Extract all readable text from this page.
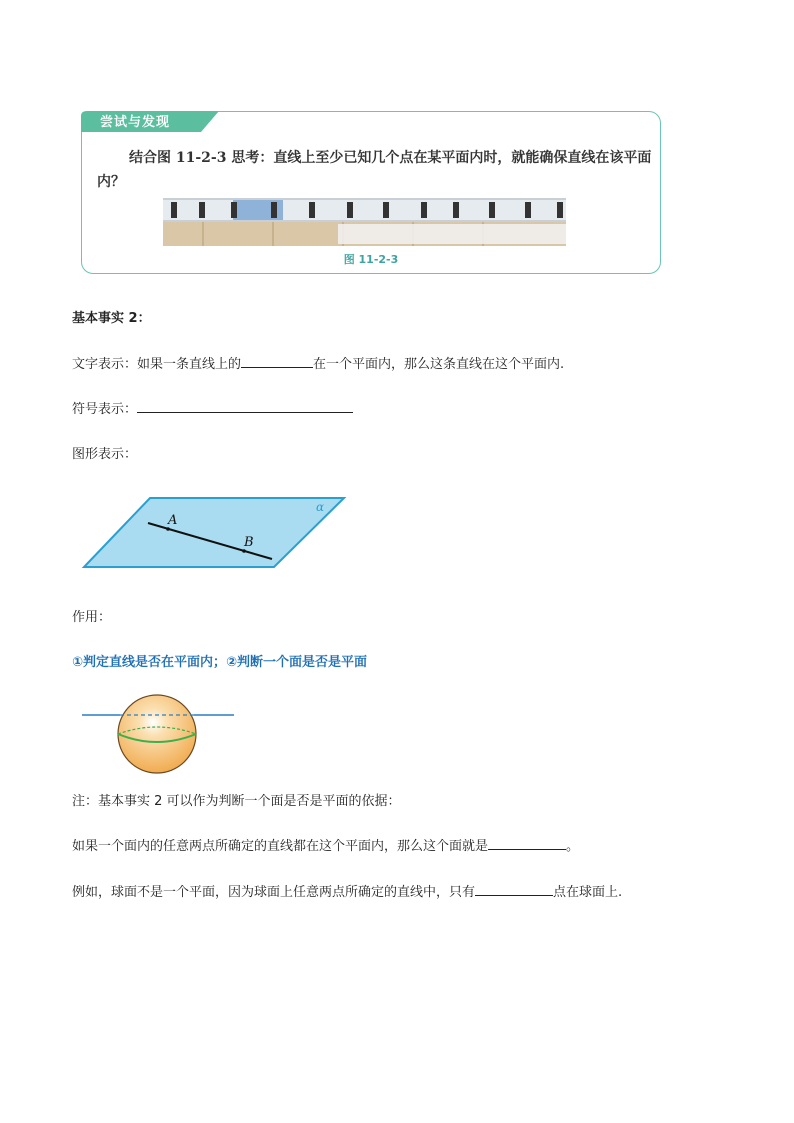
尝试与发现
结合图 11-2-3 思考：直线上至少已知几个点在某平面内时，就能确保直线在该平面内？
图 11-2-3
基本事实 2：
文字表示：如果一条直线上的	在一个平面内，那么这条直线在这个平面内.
符号表示：
图形表示：
A
B
α
作用：
①判定直线是否在平面内；②判断一个面是否是平面
注：基本事实 2 可以作为判断一个面是否是平面的依据：
如果一个面内的任意两点所确定的直线都在这个平面内，那么这个面就是	。
例如，球面不是一个平面，因为球面上任意两点所确定的直线中，只有	点在球面上.
